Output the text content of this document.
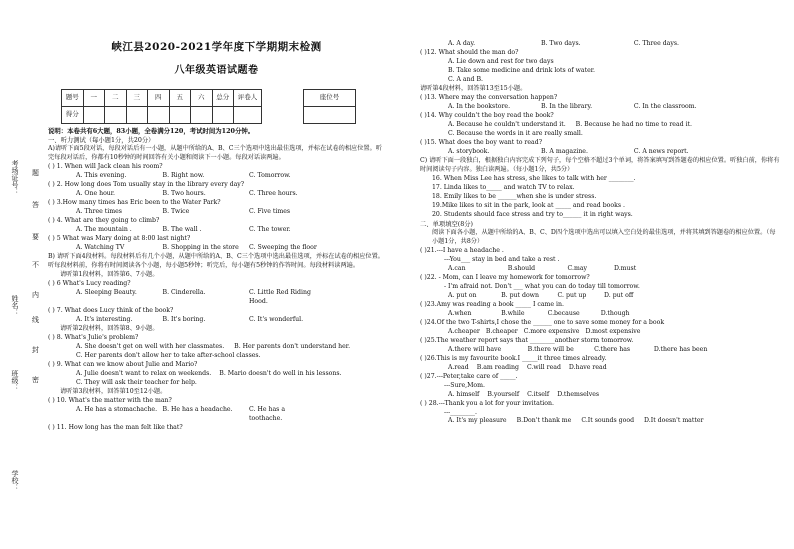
考场证号：
姓名：
班级：
学校：
题
答
要
不
内
线
封
密
峡江县2020-2021学年度下学期期末检测
八年级英语试题卷
题号	一	二	三	四	五	六	总分	评卷人
得分								
座位号

说明：本卷共有6大题，83小题，全卷满分120，考试时间为120分钟。
一、听力测试（每小题1分，共20分）
A)请听下面5段对话，每段对话后有一小题，从题中所给的A、B、C三个选项中选出最佳选项，并标在试卷的相应位置。听完每段对话后，你都有10秒钟的时间回答有关小题和阅读下一小题。每段对话读两遍。
( ) 1. When will Jack clean his room?
A. This evening.	B. Right now.	C. Tomorrow.
( ) 2. How long does Tom usually stay in the library every day?
A. One hour.	B. Two hours.	C. Three hours.
( ) 3.How many times has Eric been to the Water Park?
A. Three times	B. Twice	C. Five times
( ) 4. What are they going to climb?
A. The mountain .	B. The wall .	C. The tower.
( ) 5 What was Mary doing at 8:00 last night?
A. Watching TV	B. Shopping in the store	C. Sweeping the floor
B) 请听下面4段材料。每段材料后有几个小题，从题中所给的A、B、C三个选项中选出最佳选项，并标在试卷的相应位置。听每段材料前，你将有时间阅读各个小题，每小题5秒钟；听完后，每小题有5秒钟的作答时间。每段材料读两遍。
请听第1段材料，回答第6、7小题。
( ) 6 What's Lucy reading?
A. Sleeping Beauty.	B. Cinderella.	C. Little Red Riding Hood.
( ) 7. What does Lucy think of the book?
A. It's interesting.	B. It's boring.	C. It's wonderful.
请听第2段材料，回答第8、9小题。
( ) 8. What's Julie's problem?
A. She doesn't get on well with her classmates. B. Her parents don't understand her.
C. Her parents don't allow her to take after-school classes.
( ) 9. What can we know about Julie and Mario?
A. Julie doesn't want to relax on weekends. B. Mario doesn't do well in his lessons.
C. They will ask their teacher for help.
请听第3段材料，回答第10至12小题。
( ) 10. What's the matter with the man?
A. He has a stomachache. B. He has a headache.	C. He has a toothache.
( ) 11. How long has the man felt like that?
A. A day.	B. Two days.	C. Three days.
( )12. What should the man do?
A. Lie down and rest for two days
B. Take some medicine and drink lots of water.
C. A and B.
请听第4段材料，回答第13至15小题。
( )13. Where may the conversation happen?
A. In the bookstore.	B. In the library.	C. In the classroom.
( )14. Why couldn't the boy read the book?
A. Because he couldn't understand it. B. Because he had no time to read it.
C. Because the words in it are really small.
( )15. What does the boy want to read?
A. storybook.	B. A magazine.	C. A news report.
C) 请听下面一段独白，根据独白内容完成下列句子，每个空格不超过3个单词，将答案填写到答题卷的相应位置。听独白前，你将有时间阅读句子内容。独白读两遍。（每小题1分，共5分）
16. When Miss Lee has stress, she likes to talk with her ________.
17. Linda likes to_____ and watch TV to relax.
18. Emily likes to be ______when she is under stress.
19.Mike likes to sit in the park, look at _____ and read books .
20. Students should face stress and try to______ it in right ways.
二、单项填空(8分)
阅读下面各小题，从题中所给的A、B、C、D四个选项中选出可以填入空白处的最佳选项，并将其填到答题卷的相应位置。（每小题1分，共8分）
( )21.---I have a headache .
---You___ stay in bed and take a rest .
A.can	B.should	C.may	D.must
( )22. - Mom, can I leave my homework for tomorrow?
- I'm afraid not. Don't ___ what you can do today till tomorrow.
A. put on	B. put down	C. put up	D. put off
( )23.Amy was reading a book _____ I came in.
A.when	B.while	C.because	D.though
( )24.Of the two T-shirts,I chose the ______ one to save some money for a book
A.cheaper B.cheaper C.more expensive D.most expensive
( )25.The weather report says that ________another storm tomorrow.
A.there will have	B.there will be	C.there has	D.there has been
( )26.This is my favourite book.I _____it three times already.
A.read B.am reading C.will read D.have read
( )27.---Peter,take care of _____.
---Sure,Mom.
A. himself B.yourself C.itself D.themselves
( ) 28.---Thank you a lot for your invitation.
---________.
A. It's my pleasure B.Don't thank me C.It sounds good D.It doesn't matter
